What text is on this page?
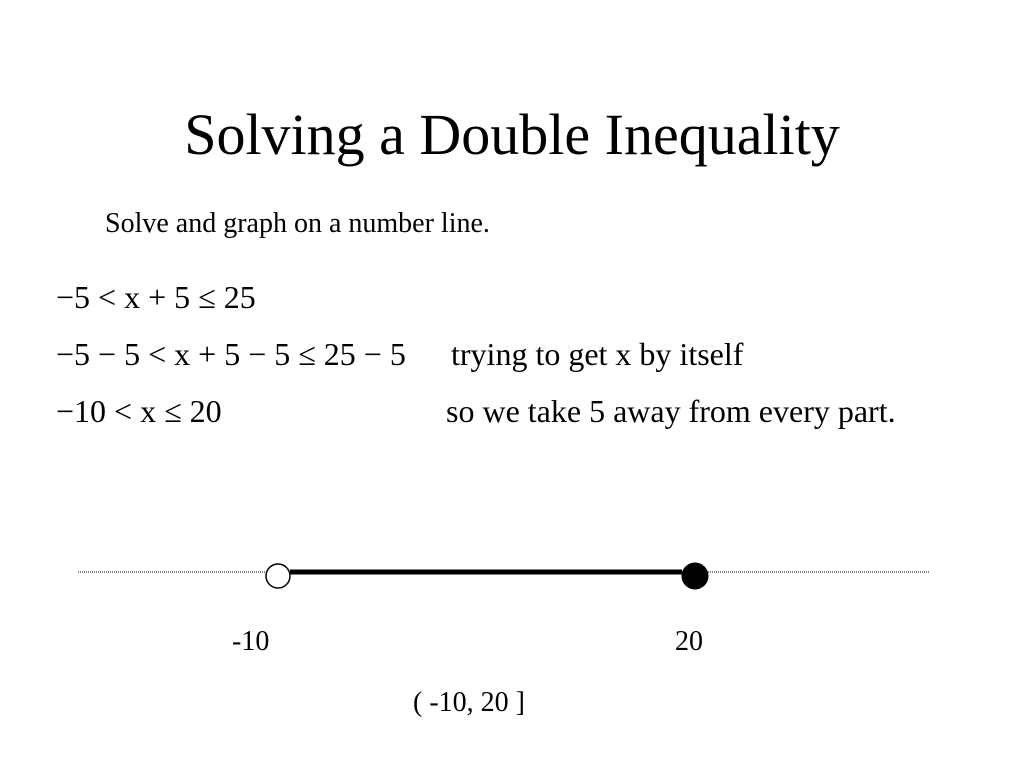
Solving a Double Inequality
Solve and graph on a number line.
−5 < x + 5 ≤ 25
−5 − 5 < x + 5 − 5 ≤ 25 − 5
−10 < x ≤ 20
trying to get x by itself
so we take 5 away from every part.
-10	20
( -10, 20 ]
